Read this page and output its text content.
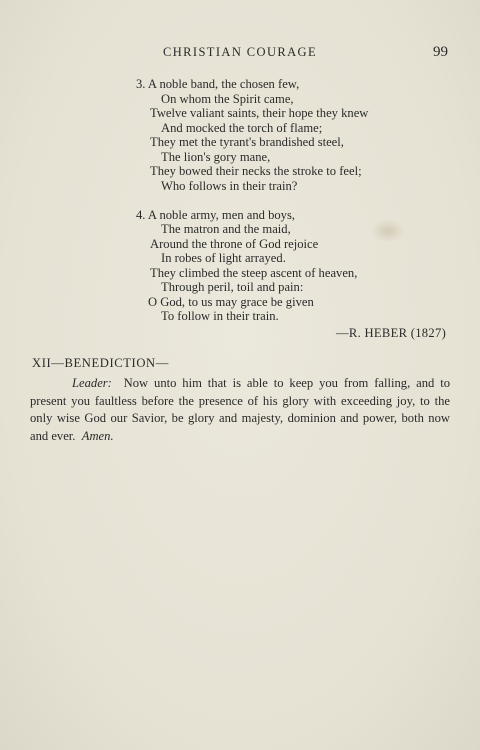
CHRISTIAN COURAGE	99
3. A noble band, the chosen few,
On whom the Spirit came,
Twelve valiant saints, their hope they knew
And mocked the torch of flame;
They met the tyrant's brandished steel,
The lion's gory mane,
They bowed their necks the stroke to feel;
Who follows in their train?
4. A noble army, men and boys,
The matron and the maid,
Around the throne of God rejoice
In robes of light arrayed.
They climbed the steep ascent of heaven,
Through peril, toil and pain:
O God, to us may grace be given
To follow in their train.
—R. HEBER (1827)
XII—BENEDICTION—
Leader: Now unto him that is able to keep you from falling, and to present you faultless before the presence of his glory with exceeding joy, to the only wise God our Savior, be glory and majesty, dominion and power, both now and ever. Amen.
